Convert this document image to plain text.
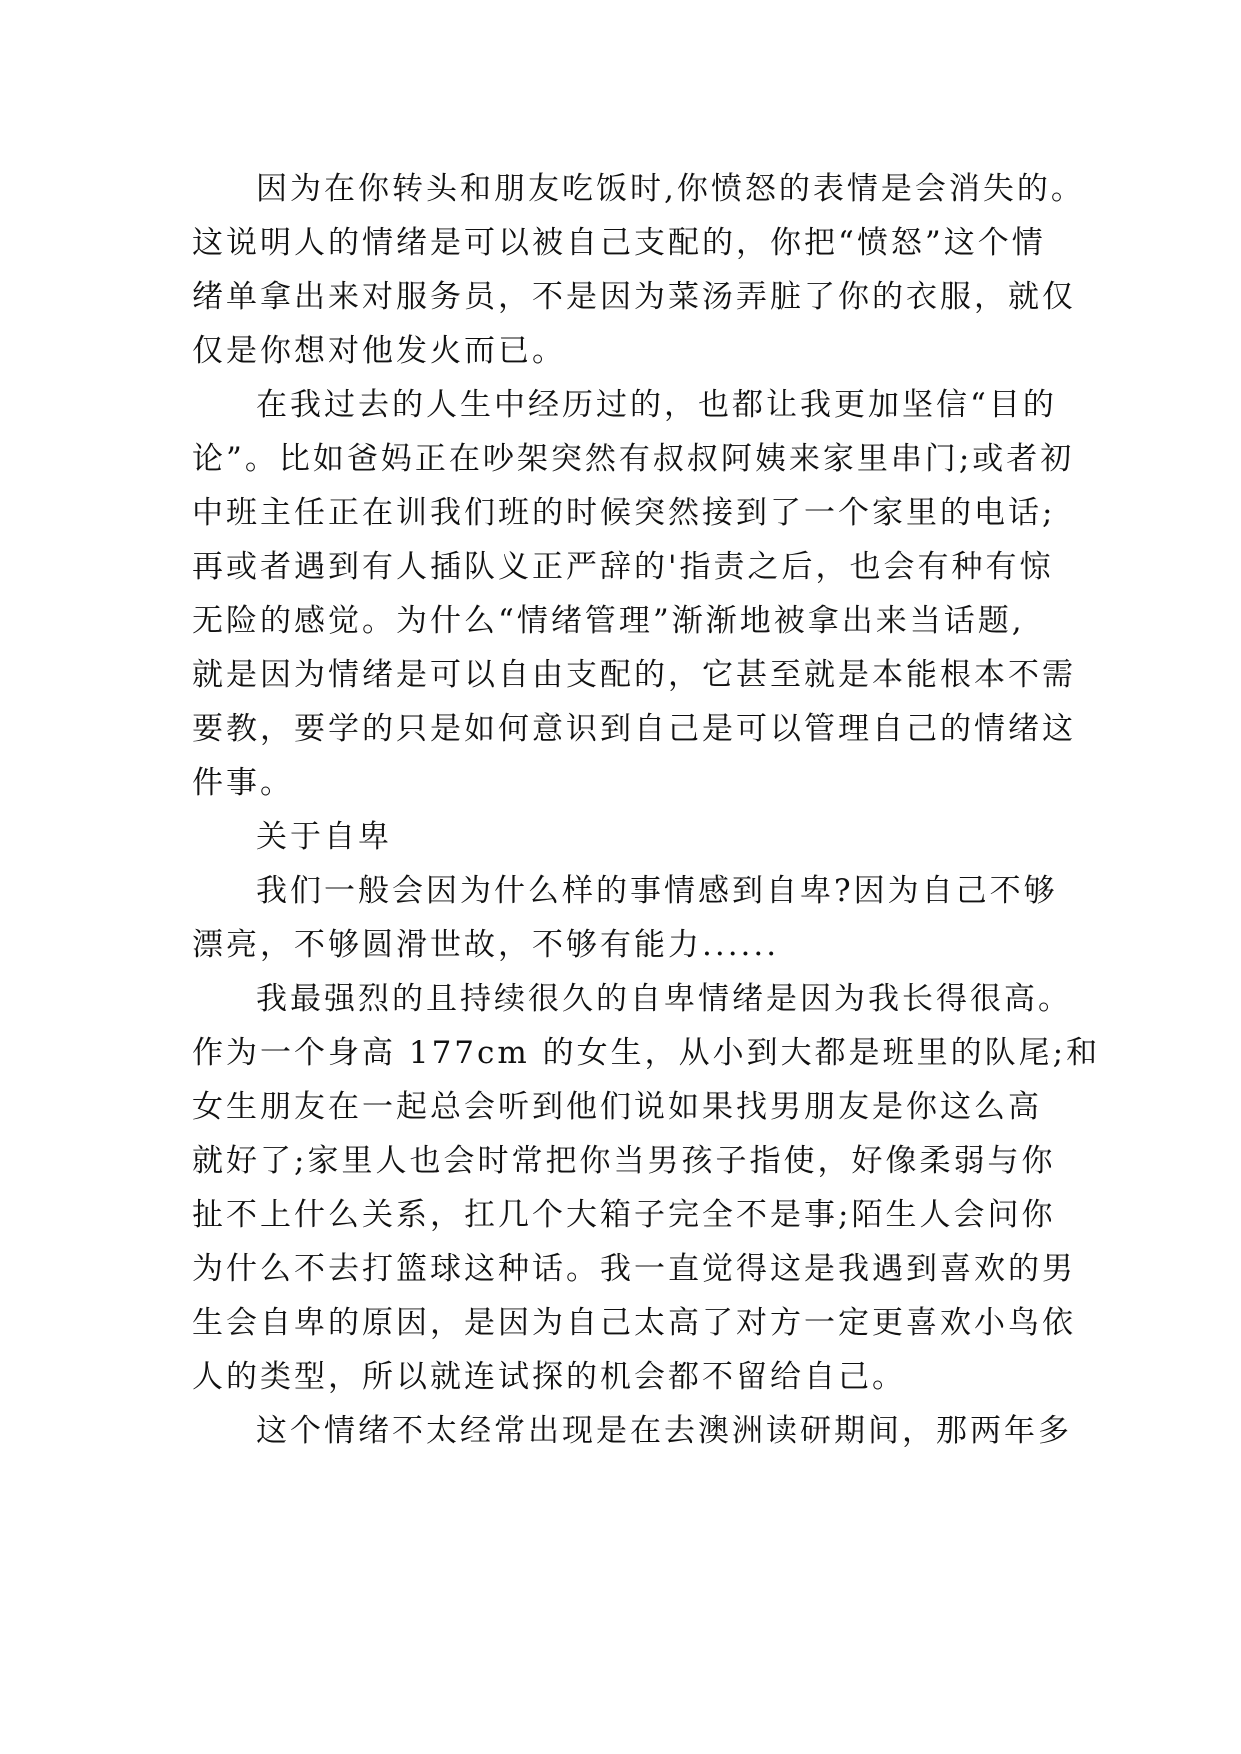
因为在你转头和朋友吃饭时,你愤怒的表情是会消失的。
这说明人的情绪是可以被自己支配的，你把“愤怒”这个情
绪单拿出来对服务员，不是因为菜汤弄脏了你的衣服，就仅
仅是你想对他发火而已。
在我过去的人生中经历过的，也都让我更加坚信“目的
论”。比如爸妈正在吵架突然有叔叔阿姨来家里串门;或者初
中班主任正在训我们班的时候突然接到了一个家里的电话;
再或者遇到有人插队义正严辞的'指责之后，也会有种有惊
无险的感觉。为什么“情绪管理”渐渐地被拿出来当话题,
就是因为情绪是可以自由支配的，它甚至就是本能根本不需
要教，要学的只是如何意识到自己是可以管理自己的情绪这
件事。
关于自卑
我们一般会因为什么样的事情感到自卑?因为自己不够
漂亮，不够圆滑世故，不够有能力......
我最强烈的且持续很久的自卑情绪是因为我长得很高。
作为一个身高 177cm 的女生，从小到大都是班里的队尾;和
女生朋友在一起总会听到他们说如果找男朋友是你这么高
就好了;家里人也会时常把你当男孩子指使，好像柔弱与你
扯不上什么关系，扛几个大箱子完全不是事;陌生人会问你
为什么不去打篮球这种话。我一直觉得这是我遇到喜欢的男
生会自卑的原因，是因为自己太高了对方一定更喜欢小鸟依
人的类型，所以就连试探的机会都不留给自己。
这个情绪不太经常出现是在去澳洲读研期间，那两年多
